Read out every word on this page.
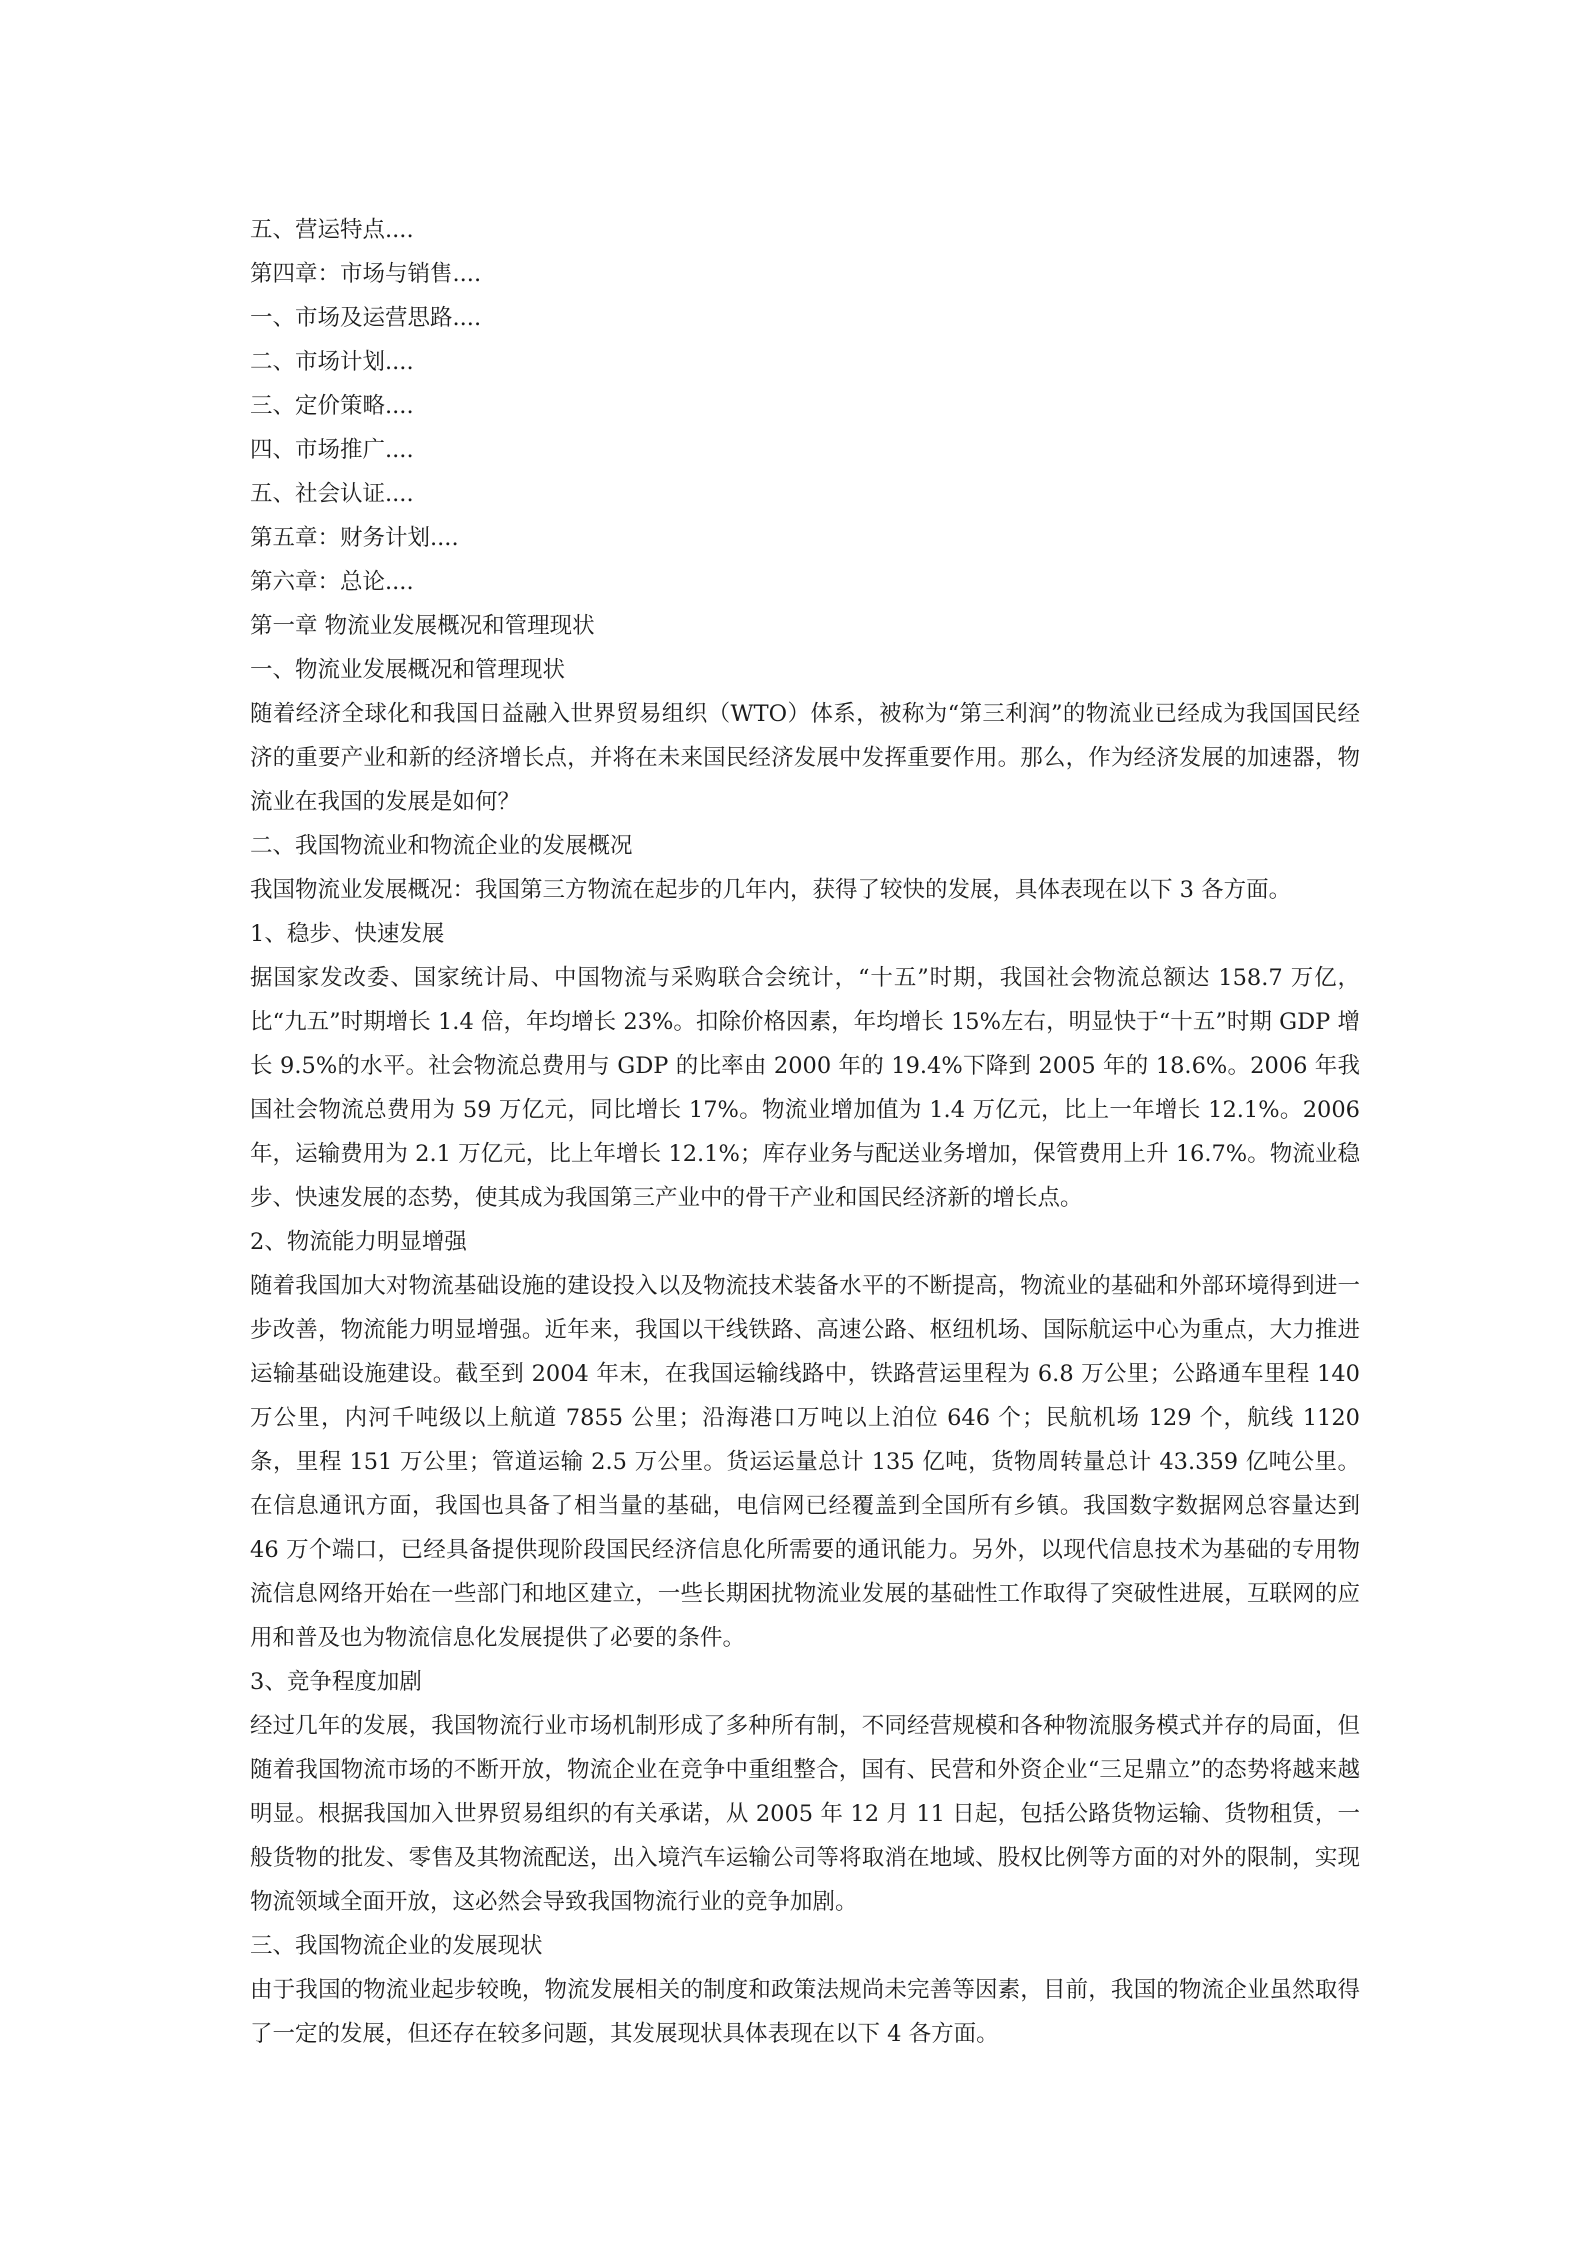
五、营运特点....

第四章：市场与销售....

一、市场及运营思路....

二、市场计划....

三、定价策略....

四、市场推广....

五、社会认证....

第五章：财务计划....

第六章：总论....

第一章 物流业发展概况和管理现状

一、物流业发展概况和管理现状

随着经济全球化和我国日益融入世界贸易组织（WTO）体系，被称为“第三利润”的物流业已经成为我国国民经济的重要产业和新的经济增长点，并将在未来国民经济发展中发挥重要作用。那么，作为经济发展的加速器，物流业在我国的发展是如何？

二、我国物流业和物流企业的发展概况

我国物流业发展概况：我国第三方物流在起步的几年内，获得了较快的发展，具体表现在以下 3 各方面。

1、稳步、快速发展

据国家发改委、国家统计局、中国物流与采购联合会统计，“十五”时期，我国社会物流总额达 158.7 万亿，比“九五”时期增长 1.4 倍，年均增长 23%。扣除价格因素，年均增长 15%左右，明显快于“十五”时期 GDP 增长 9.5%的水平。社会物流总费用与 GDP 的比率由 2000 年的 19.4%下降到 2005 年的 18.6%。2006 年我国社会物流总费用为 59 万亿元，同比增长 17%。物流业增加值为 1.4 万亿元，比上一年增长 12.1%。2006 年，运输费用为 2.1 万亿元，比上年增长 12.1%；库存业务与配送业务增加，保管费用上升 16.7%。物流业稳步、快速发展的态势，使其成为我国第三产业中的骨干产业和国民经济新的增长点。

2、物流能力明显增强

随着我国加大对物流基础设施的建设投入以及物流技术装备水平的不断提高，物流业的基础和外部环境得到进一步改善，物流能力明显增强。近年来，我国以干线铁路、高速公路、枢纽机场、国际航运中心为重点，大力推进运输基础设施建设。截至到 2004 年末，在我国运输线路中，铁路营运里程为 6.8 万公里；公路通车里程 140 万公里，内河千吨级以上航道 7855 公里；沿海港口万吨以上泊位 646 个；民航机场 129 个，航线 1120 条，里程 151 万公里；管道运输 2.5 万公里。货运运量总计 135 亿吨，货物周转量总计 43.359 亿吨公里。在信息通讯方面，我国也具备了相当量的基础，电信网已经覆盖到全国所有乡镇。我国数字数据网总容量达到 46 万个端口，已经具备提供现阶段国民经济信息化所需要的通讯能力。另外，以现代信息技术为基础的专用物流信息网络开始在一些部门和地区建立，一些长期困扰物流业发展的基础性工作取得了突破性进展，互联网的应用和普及也为物流信息化发展提供了必要的条件。

3、竞争程度加剧

经过几年的发展，我国物流行业市场机制形成了多种所有制，不同经营规模和各种物流服务模式并存的局面，但随着我国物流市场的不断开放，物流企业在竞争中重组整合，国有、民营和外资企业“三足鼎立”的态势将越来越明显。根据我国加入世界贸易组织的有关承诺，从 2005 年 12 月 11 日起，包括公路货物运输、货物租赁，一般货物的批发、零售及其物流配送，出入境汽车运输公司等将取消在地域、股权比例等方面的对外的限制，实现物流领域全面开放，这必然会导致我国物流行业的竞争加剧。

三、我国物流企业的发展现状

由于我国的物流业起步较晚，物流发展相关的制度和政策法规尚未完善等因素，目前，我国的物流企业虽然取得了一定的发展，但还存在较多问题，其发展现状具体表现在以下 4 各方面。
